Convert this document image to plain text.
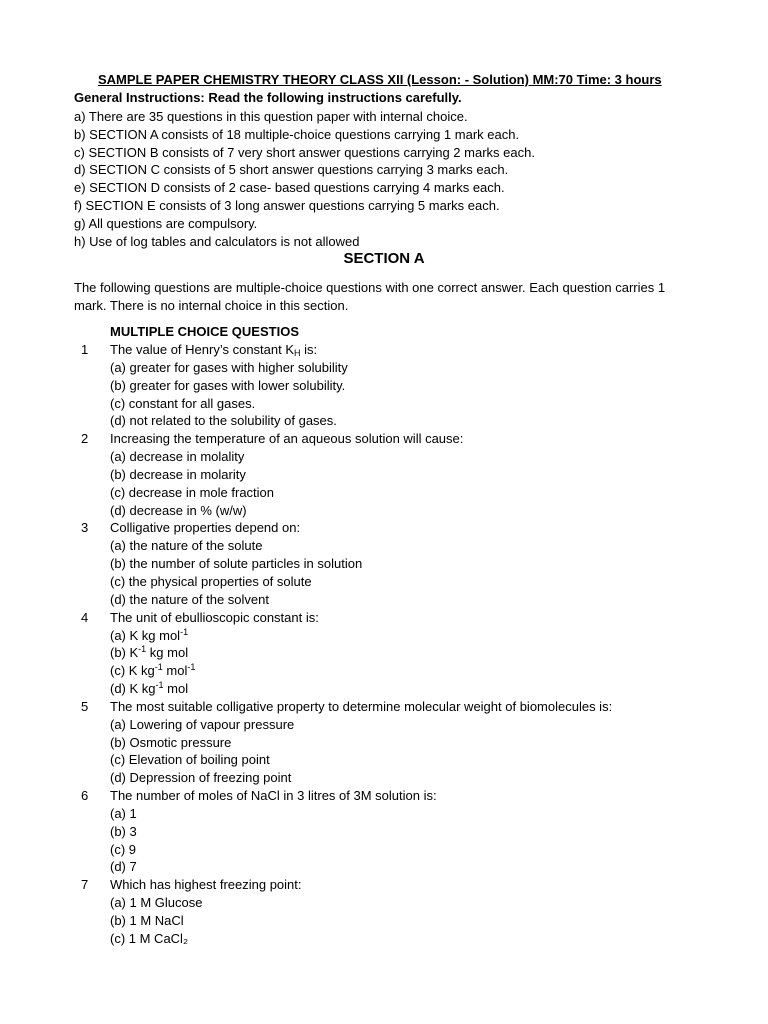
SAMPLE PAPER CHEMISTRY THEORY CLASS XII (Lesson: - Solution) MM:70 Time: 3 hours
General Instructions: Read the following instructions carefully.
a) There are 35 questions in this question paper with internal choice.
b) SECTION A consists of 18 multiple-choice questions carrying 1 mark each.
c) SECTION B consists of 7 very short answer questions carrying 2 marks each.
d) SECTION C consists of 5 short answer questions carrying 3 marks each.
e) SECTION D consists of 2 case- based questions carrying 4 marks each.
f) SECTION E consists of 3 long answer questions carrying 5 marks each.
g) All questions are compulsory.
h) Use of log tables and calculators is not allowed
SECTION A
The following questions are multiple-choice questions with one correct answer. Each question carries 1 mark. There is no internal choice in this section.
MULTIPLE CHOICE QUESTIOS
1 The value of Henry’s constant $K_H$ is:
(a) greater for gases with higher solubility
(b) greater for gases with lower solubility.
(c) constant for all gases.
(d) not related to the solubility of gases.
2 Increasing the temperature of an aqueous solution will cause:
(a) decrease in molality
(b) decrease in molarity
(c) decrease in mole fraction
(d) decrease in % (w/w)
3 Colligative properties depend on:
(a) the nature of the solute
(b) the number of solute particles in solution
(c) the physical properties of solute
(d) the nature of the solvent
4 The unit of ebullioscopic constant is:
(a) K kg mol$^{-1}$
(b) $K^{-1}$ kg mol
(c) K $kg^{-1}$ mol$^{-1}$
(d) K $kg^{-1}$ mol
5 The most suitable colligative property to determine molecular weight of biomolecules is:
(a) Lowering of vapour pressure
(b) Osmotic pressure
(c) Elevation of boiling point
(d) Depression of freezing point
6 The number of moles of NaCl in 3 litres of 3M solution is:
(a) 1
(b) 3
(c) 9
(d) 7
7 Which has highest freezing point:
(a) 1 M Glucose
(b) 1 M NaCl
(c) 1 M CaCl₂
